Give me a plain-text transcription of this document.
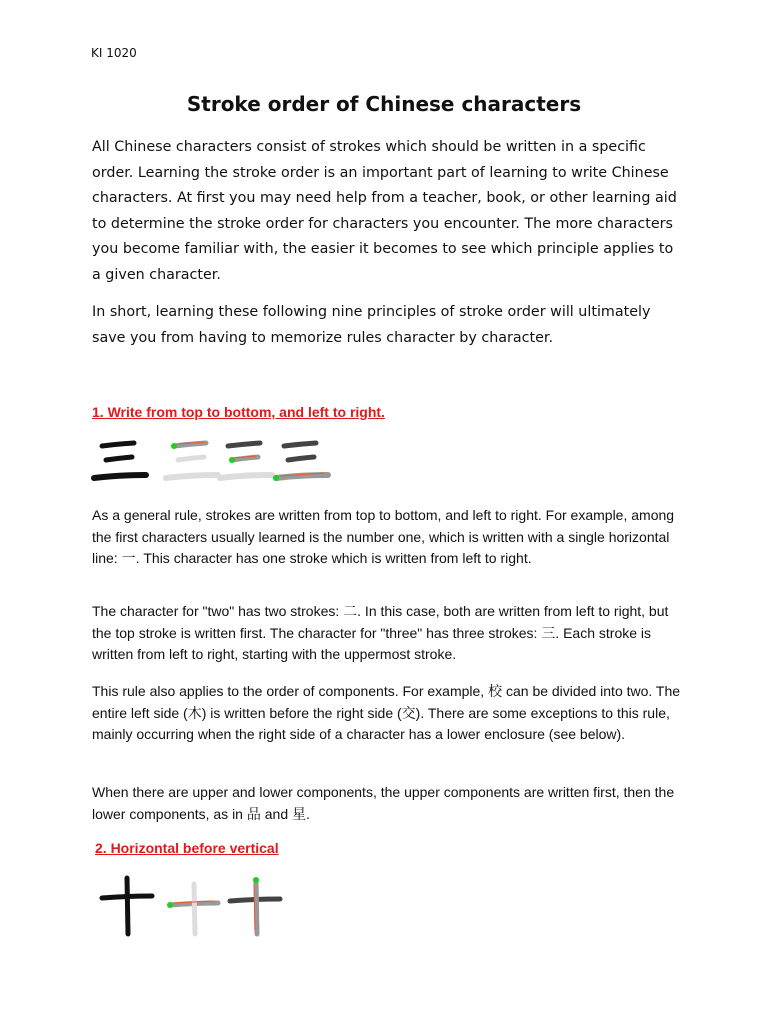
KI 1020
Stroke order of Chinese characters
All Chinese characters consist of strokes which should be written in a specific order. Learning the stroke order is an important part of learning to write Chinese characters. At first you may need help from a teacher, book, or other learning aid to determine the stroke order for characters you encounter. The more characters you become familiar with, the easier it becomes to see which principle applies to a given character.
In short, learning these following nine principles of stroke order will ultimately save you from having to memorize rules character by character.
1. Write from top to bottom, and left to right.
As a general rule, strokes are written from top to bottom, and left to right. For example, among the first characters usually learned is the number one, which is written with a single horizontal line: 一. This character has one stroke which is written from left to right.
The character for "two" has two strokes: 二. In this case, both are written from left to right, but the top stroke is written first. The character for "three" has three strokes: 三. Each stroke is written from left to right, starting with the uppermost stroke.
This rule also applies to the order of components. For example, 校 can be divided into two. The entire left side (木) is written before the right side (交). There are some exceptions to this rule, mainly occurring when the right side of a character has a lower enclosure (see below).
When there are upper and lower components, the upper components are written first, then the lower components, as in 品 and 星.
2. Horizontal before vertical
